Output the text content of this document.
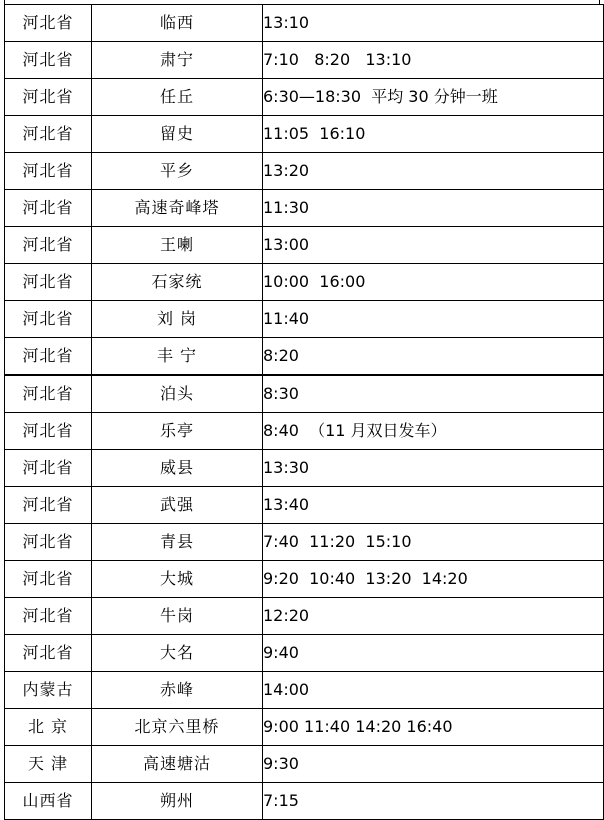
河北省	临西	13:10
河北省	肃宁	7:10   8:20   13:10
河北省	任丘	6:30—18:30  平均 30 分钟一班
河北省	留史	11:05  16:10
河北省	平乡	13:20
河北省	高速奇峰塔	11:30
河北省	王喇	13:00
河北省	石家统	10:00  16:00
河北省	刘 岗	11:40
河北省	丰 宁	8:20
河北省	泊头	8:30
河北省	乐亭	8:40  （11 月双日发车）
河北省	威县	13:30
河北省	武强	13:40
河北省	青县	7:40  11:20  15:10
河北省	大城	9:20  10:40  13:20  14:20
河北省	牛岗	12:20
河北省	大名	9:40
内蒙古	赤峰	14:00
北 京	北京六里桥	9:00 11:40 14:20 16:40
天 津	高速塘沽	9:30
山西省	朔州	7:15
